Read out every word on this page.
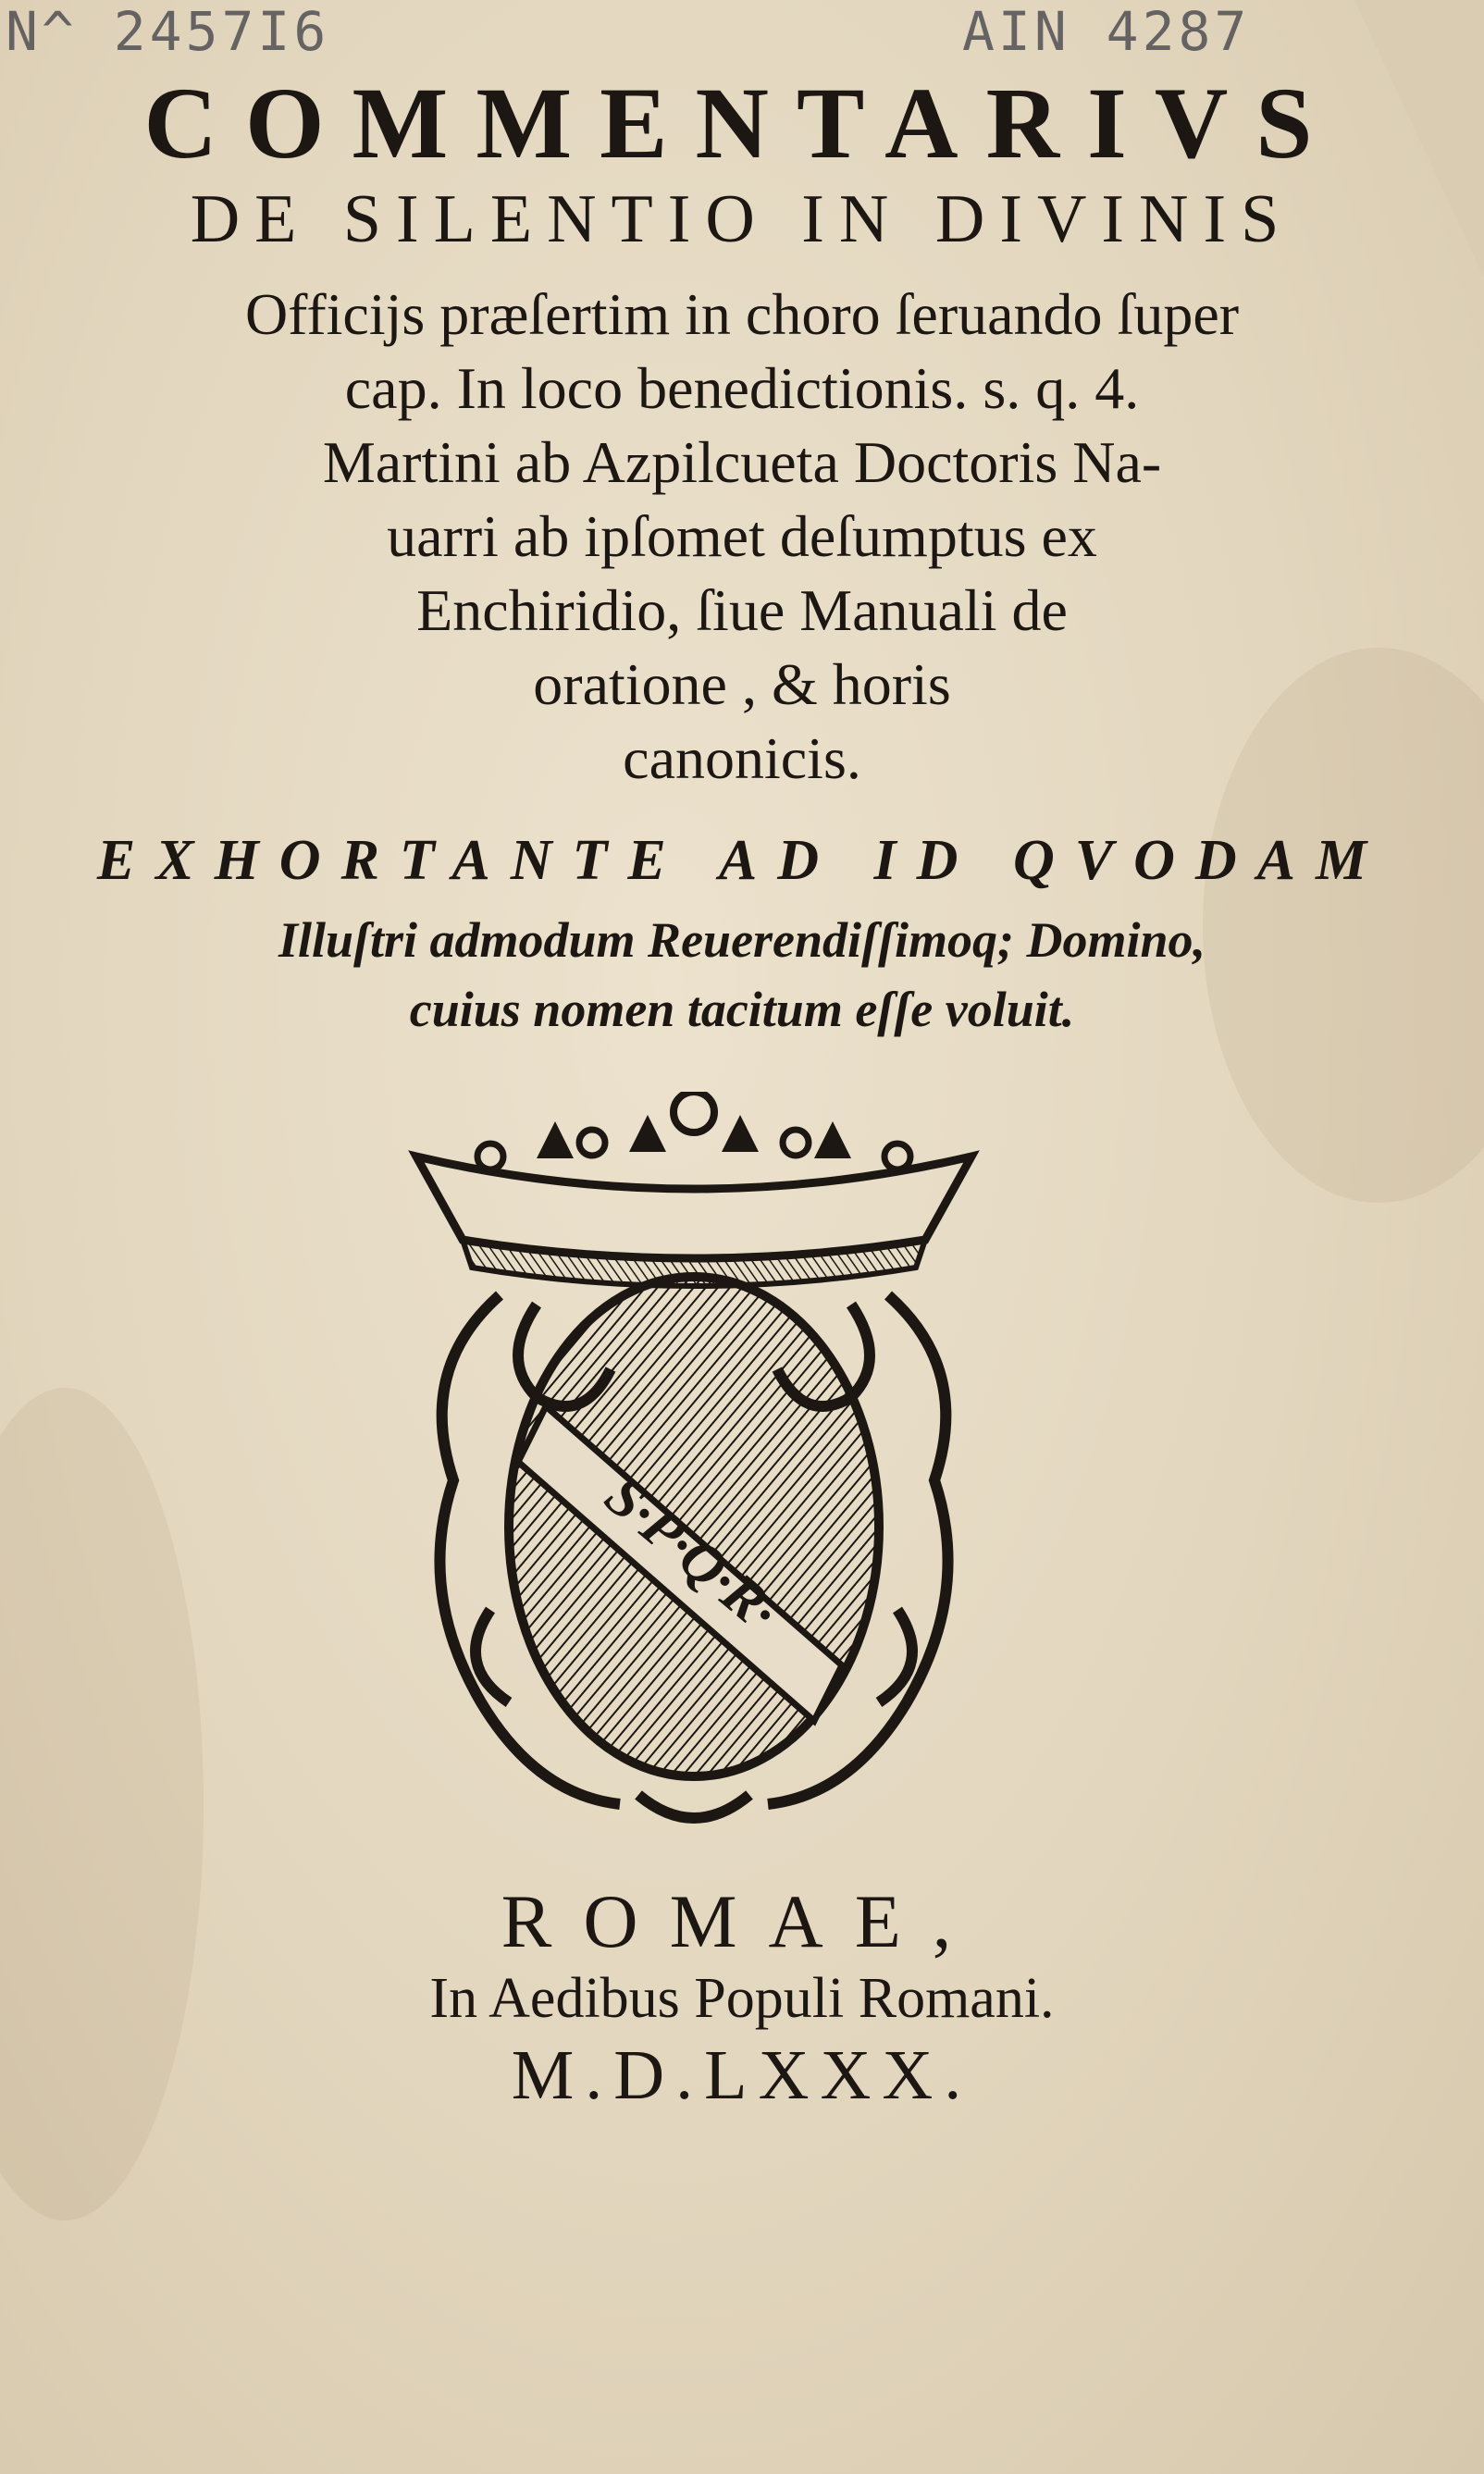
N^ 2457I6	AIN 4287
COMMENTARIVS
DE SILENTIO IN DIVINIS
Officijs præſertim in choro ſeruando ſuper
cap. In loco benedictionis. s. q. 4.
Martini ab Azpilcueta Doctoris Na-
uarri ab ipſomet deſumptus ex
Enchiridio, ſiue Manuali de
oratione , & horis
canonicis.
EXHORTANTE AD ID QVODAM
Illuſtri admodum Reuerendiſſimoq; Domino,
cuius nomen tacitum eſſe voluit.
S·P·Q·R·
ROMAE,
In Aedibus Populi Romani.
M.D.LXXX.
